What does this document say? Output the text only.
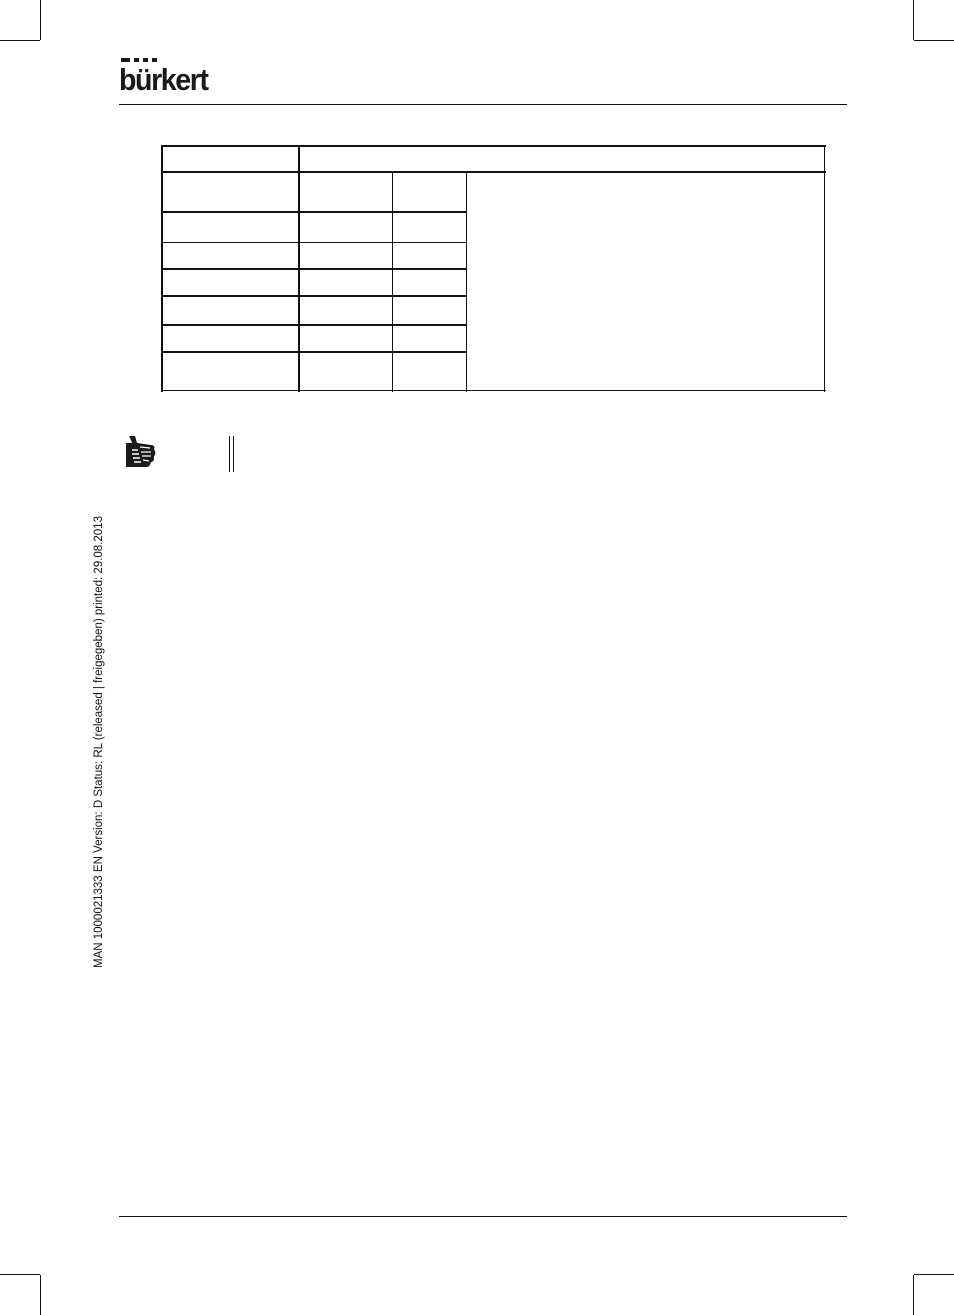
bürkert
MAN 1000021333 EN Version: D Status: RL (released | freigegeben) printed: 29.08.2013
